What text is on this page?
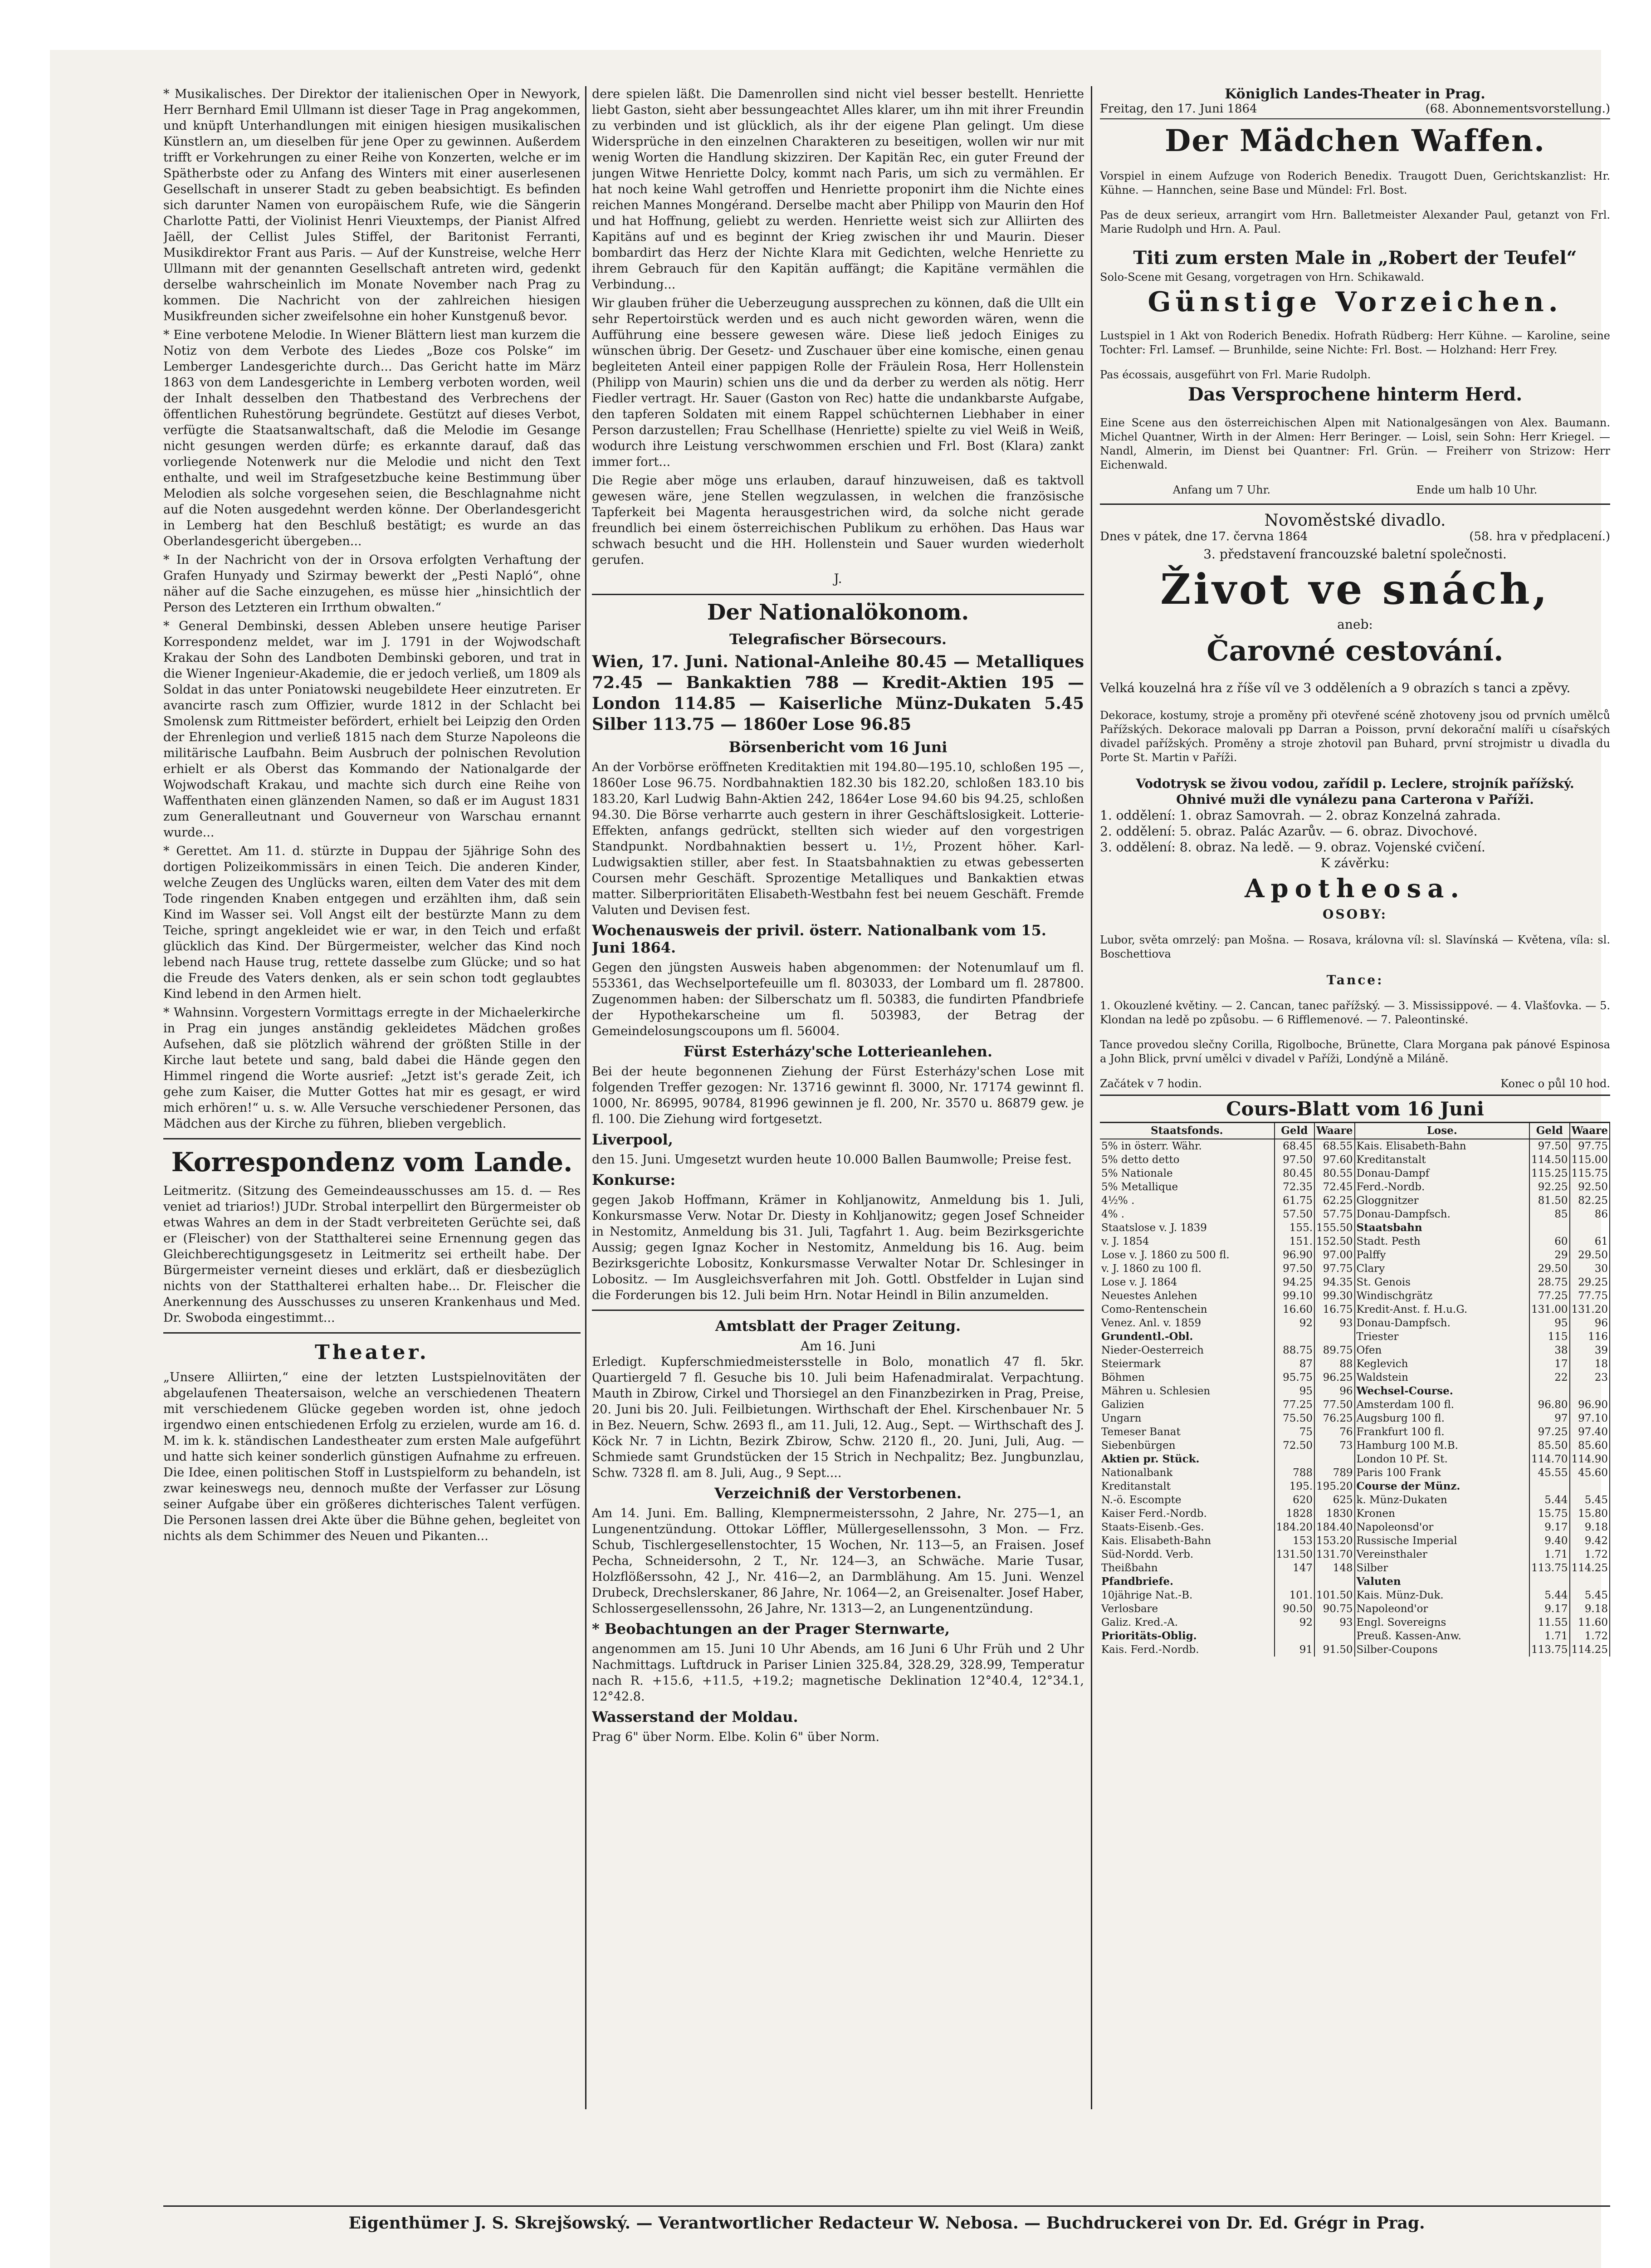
* Musikalisches. Der Direktor der italienischen Oper in Newyork, Herr Bernhard Emil Ullmann ist dieser Tage in Prag angekommen, und knüpft Unterhandlungen mit einigen hiesigen musikalischen Künstlern an, um dieselben für jene Oper zu gewinnen. Außerdem trifft er Vorkehrungen zu einer Reihe von Konzerten, welche er im Spätherbste oder zu Anfang des Winters mit einer auserlesenen Gesellschaft in unserer Stadt zu geben beabsichtigt. Es befinden sich darunter Namen von europäischem Rufe, wie die Sängerin Charlotte Patti, der Violinist Henri Vieuxtemps, der Pianist Alfred Jaëll, der Cellist Jules Stiffel, der Baritonist Ferranti, Musikdirektor Frant aus Paris. — Auf der Kunstreise, welche Herr Ullmann mit der genannten Gesellschaft antreten wird, gedenkt derselbe wahrscheinlich im Monate November nach Prag zu kommen. Die Nachricht von der zahlreichen hiesigen Musikfreunden sicher zweifelsohne ein hoher Kunstgenuß bevor.

* Eine verbotene Melodie. In Wiener Blättern liest man kurzem die Notiz von dem Verbote des Liedes „Boze cos Polske“ im Lemberger Landesgerichte durch... Das Gericht hatte im März 1863 von dem Landesgerichte in Lemberg verboten worden, weil der Inhalt desselben den Thatbestand des Verbrechens der öffentlichen Ruhestörung begründete. Gestützt auf dieses Verbot, verfügte die Staatsanwaltschaft, daß die Melodie im Gesange nicht gesungen werden dürfe; es erkannte darauf, daß das vorliegende Notenwerk nur die Melodie und nicht den Text enthalte, und weil im Strafgesetzbuche keine Bestimmung über Melodien als solche vorgesehen seien, die Beschlagnahme nicht auf die Noten ausgedehnt werden könne. Der Oberlandesgericht in Lemberg hat den Beschluß bestätigt; es wurde an das Oberlandesgericht übergeben...

* In der Nachricht von der in Orsova erfolgten Verhaftung der Grafen Hunyady und Szirmay bewerkt der „Pesti Napló“, ohne näher auf die Sache einzugehen, es müsse hier „hinsichtlich der Person des Letzteren ein Irrthum obwalten.“

* General Dembinski, dessen Ableben unsere heutige Pariser Korrespondenz meldet, war im J. 1791 in der Wojwodschaft Krakau der Sohn des Landboten Dembinski geboren, und trat in die Wiener Ingenieur-Akademie, die er jedoch verließ, um 1809 als Soldat in das unter Poniatowski neugebildete Heer einzutreten. Er avancirte rasch zum Offizier, wurde 1812 in der Schlacht bei Smolensk zum Rittmeister befördert, erhielt bei Leipzig den Orden der Ehrenlegion und verließ 1815 nach dem Sturze Napoleons die militärische Laufbahn. Beim Ausbruch der polnischen Revolution erhielt er als Oberst das Kommando der Nationalgarde der Wojwodschaft Krakau, und machte sich durch eine Reihe von Waffenthaten einen glänzenden Namen, so daß er im August 1831 zum Generalleutnant und Gouverneur von Warschau ernannt wurde...

* Gerettet. Am 11. d. stürzte in Duppau der 5jährige Sohn des dortigen Polizeikommissärs in einen Teich. Die anderen Kinder, welche Zeugen des Unglücks waren, eilten dem Vater des mit dem Tode ringenden Knaben entgegen und erzählten ihm, daß sein Kind im Wasser sei. Voll Angst eilt der bestürzte Mann zu dem Teiche, springt angekleidet wie er war, in den Teich und erfaßt glücklich das Kind. Der Bürgermeister, welcher das Kind noch lebend nach Hause trug, rettete dasselbe zum Glücke; und so hat die Freude des Vaters denken, als er sein schon todt geglaubtes Kind lebend in den Armen hielt.

* Wahnsinn. Vorgestern Vormittags erregte in der Michaelerkirche in Prag ein junges anständig gekleidetes Mädchen großes Aufsehen, daß sie plötzlich während der größten Stille in der Kirche laut betete und sang, bald dabei die Hände gegen den Himmel ringend die Worte ausrief: „Jetzt ist's gerade Zeit, ich gehe zum Kaiser, die Mutter Gottes hat mir es gesagt, er wird mich erhören!“ u. s. w. Alle Versuche verschiedener Personen, das Mädchen aus der Kirche zu führen, blieben vergeblich.

Korrespondenz vom Lande.

Leitmeritz. (Sitzung des Gemeindeausschusses am 15. d. — Res veniet ad triarios!) JUDr. Strobal interpellirt den Bürgermeister ob etwas Wahres an dem in der Stadt verbreiteten Gerüchte sei, daß er (Fleischer) von der Statthalterei seine Ernennung gegen das Gleichberechtigungsgesetz in Leitmeritz sei ertheilt habe. Der Bürgermeister verneint dieses und erklärt, daß er diesbezüglich nichts von der Statthalterei erhalten habe... Dr. Fleischer die Anerkennung des Ausschusses zu unseren Krankenhaus und Med. Dr. Swoboda eingestimmt...

Theater.

„Unsere Alliirten,“ eine der letzten Lustspielnovitäten der abgelaufenen Theatersaison, welche an verschiedenen Theatern mit verschiedenem Glücke gegeben worden ist, ohne jedoch irgendwo einen entschiedenen Erfolg zu erzielen, wurde am 16. d. M. im k. k. ständischen Landestheater zum ersten Male aufgeführt und hatte sich keiner sonderlich günstigen Aufnahme zu erfreuen. Die Idee, einen politischen Stoff in Lustspielform zu behandeln, ist zwar keineswegs neu, dennoch mußte der Verfasser zur Lösung seiner Aufgabe über ein größeres dichterisches Talent verfügen. Die Personen lassen drei Akte über die Bühne gehen, begleitet von nichts als dem Schimmer des Neuen und Pikanten...

dere spielen läßt. Die Damenrollen sind nicht viel besser bestellt. Henriette liebt Gaston, sieht aber bessungeachtet Alles klarer, um ihn mit ihrer Freundin zu verbinden und ist glücklich, als ihr der eigene Plan gelingt. Um diese Widersprüche in den einzelnen Charakteren zu beseitigen, wollen wir nur mit wenig Worten die Handlung skizziren. Der Kapitän Rec, ein guter Freund der jungen Witwe Henriette Dolcy, kommt nach Paris, um sich zu vermählen. Er hat noch keine Wahl getroffen und Henriette proponirt ihm die Nichte eines reichen Mannes Mongérand. Derselbe macht aber Philipp von Maurin den Hof und hat Hoffnung, geliebt zu werden. Henriette weist sich zur Alliirten des Kapitäns auf und es beginnt der Krieg zwischen ihr und Maurin. Dieser bombardirt das Herz der Nichte Klara mit Gedichten, welche Henriette zu ihrem Gebrauch für den Kapitän auffängt; die Kapitäne vermählen die Verbindung...

Wir glauben früher die Ueberzeugung aussprechen zu können, daß die Ullt ein sehr Repertoirstück werden und es auch nicht geworden wären, wenn die Aufführung eine bessere gewesen wäre. Diese ließ jedoch Einiges zu wünschen übrig. Der Gesetz- und Zuschauer über eine komische, einen genau begleiteten Anteil einer pappigen Rolle der Fräulein Rosa, Herr Hollenstein (Philipp von Maurin) schien uns die und da derber zu werden als nötig. Herr Fiedler vertragt. Hr. Sauer (Gaston von Rec) hatte die undankbarste Aufgabe, den tapferen Soldaten mit einem Rappel schüchternen Liebhaber in einer Person darzustellen; Frau Schellhase (Henriette) spielte zu viel Weiß in Weiß, wodurch ihre Leistung verschwommen erschien und Frl. Bost (Klara) zankt immer fort...

Die Regie aber möge uns erlauben, darauf hinzuweisen, daß es taktvoll gewesen wäre, jene Stellen wegzulassen, in welchen die französische Tapferkeit bei Magenta herausgestrichen wird, da solche nicht gerade freundlich bei einem österreichischen Publikum zu erhöhen. Das Haus war schwach besucht und die HH. Hollenstein und Sauer wurden wiederholt gerufen.

J.
Der Nationalökonom.
Telegrafischer Börsecours.

Wien, 17. Juni. National-Anleihe 80.45 — Metalliques 72.45 — Bankaktien 788 — Kredit-Aktien 195 — London 114.85 — Kaiserliche Münz-Dukaten 5.45 Silber 113.75 — 1860er Lose 96.85

Börsenbericht vom 16 Juni

An der Vorbörse eröffneten Kreditaktien mit 194.80—195.10, schloßen 195 —, 1860er Lose 96.75. Nordbahnaktien 182.30 bis 182.20, schloßen 183.10 bis 183.20, Karl Ludwig Bahn-Aktien 242, 1864er Lose 94.60 bis 94.25, schloßen 94.30. Die Börse verharrte auch gestern in ihrer Geschäftslosigkeit. Lotterie-Effekten, anfangs gedrückt, stellten sich wieder auf den vorgestrigen Standpunkt. Nordbahnaktien bessert u. 1½, Prozent höher. Karl-Ludwigsaktien stiller, aber fest. In Staatsbahnaktien zu etwas gebesserten Coursen mehr Geschäft. Sprozentige Metalliques und Bankaktien etwas matter. Silberprioritäten Elisabeth-Westbahn fest bei neuem Geschäft. Fremde Valuten und Devisen fest.

Wochenausweis der privil. österr. Nationalbank vom 15. Juni 1864.

Gegen den jüngsten Ausweis haben abgenommen: der Notenumlauf um fl. 553361, das Wechselportefeuille um fl. 803033, der Lombard um fl. 287800. Zugenommen haben: der Silberschatz um fl. 50383, die fundirten Pfandbriefe der Hypothekarscheine um fl. 503983, der Betrag der Gemeindelosungscoupons um fl. 56004.

Fürst Esterházy'sche Lotterieanlehen.

Bei der heute begonnenen Ziehung der Fürst Esterházy'schen Lose mit folgenden Treffer gezogen: Nr. 13716 gewinnt fl. 3000, Nr. 17174 gewinnt fl. 1000, Nr. 86995, 90784, 81996 gewinnen je fl. 200, Nr. 3570 u. 86879 gew. je fl. 100. Die Ziehung wird fortgesetzt.

Liverpool,

den 15. Juni. Umgesetzt wurden heute 10.000 Ballen Baumwolle; Preise fest.

Konkurse:

gegen Jakob Hoffmann, Krämer in Kohljanowitz, Anmeldung bis 1. Juli, Konkursmasse Verw. Notar Dr. Diesty in Kohljanowitz; gegen Josef Schneider in Nestomitz, Anmeldung bis 31. Juli, Tagfahrt 1. Aug. beim Bezirksgerichte Aussig; gegen Ignaz Kocher in Nestomitz, Anmeldung bis 16. Aug. beim Bezirksgerichte Lobositz, Konkursmasse Verwalter Notar Dr. Schlesinger in Lobositz. — Im Ausgleichsverfahren mit Joh. Gottl. Obstfelder in Lujan sind die Forderungen bis 12. Juli beim Hrn. Notar Heindl in Bilin anzumelden.

Amtsblatt der Prager Zeitung.
Am 16. Juni

Erledigt. Kupferschmiedmeistersstelle in Bolo, monatlich 47 fl. 5kr. Quartiergeld 7 fl. Gesuche bis 10. Juli beim Hafenadmiralat. Verpachtung. Mauth in Zbirow, Cirkel und Thorsiegel an den Finanzbezirken in Prag, Preise, 20. Juni bis 20. Juli. Feilbietungen. Wirthschaft der Ehel. Kirschenbauer Nr. 5 in Bez. Neuern, Schw. 2693 fl., am 11. Juli, 12. Aug., Sept. — Wirthschaft des J. Köck Nr. 7 in Lichtn, Bezirk Zbirow, Schw. 2120 fl., 20. Juni, Juli, Aug. — Schmiede samt Grundstücken der 15 Strich in Nechpalitz; Bez. Jungbunzlau, Schw. 7328 fl. am 8. Juli, Aug., 9 Sept....

Verzeichniß der Verstorbenen.

Am 14. Juni. Em. Balling, Klempnermeisterssohn, 2 Jahre, Nr. 275—1, an Lungenentzündung. Ottokar Löffler, Müllergesellenssohn, 3 Mon. — Frz. Schub, Tischlergesellenstochter, 15 Wochen, Nr. 113—5, an Fraisen. Josef Pecha, Schneidersohn, 2 T., Nr. 124—3, an Schwäche. Marie Tusar, Holzflößerssohn, 42 J., Nr. 416—2, an Darmblähung. Am 15. Juni. Wenzel Drubeck, Drechslerskaner, 86 Jahre, Nr. 1064—2, an Greisenalter. Josef Haber, Schlossergesellenssohn, 26 Jahre, Nr. 1313—2, an Lungenentzündung.

* Beobachtungen an der Prager Sternwarte,

angenommen am 15. Juni 10 Uhr Abends, am 16 Juni 6 Uhr Früh und 2 Uhr Nachmittags. Luftdruck in Pariser Linien 325.84, 328.29, 328.99, Temperatur nach R. +15.6, +11.5, +19.2; magnetische Deklination 12°40.4, 12°34.1, 12°42.8.

Wasserstand der Moldau.

Prag 6" über Norm. Elbe. Kolin 6" über Norm.

Königlich Landes-Theater in Prag.
Freitag, den 17. Juni 1864	(68. Abonnementsvorstellung.)
Der Mädchen Waffen.

Vorspiel in einem Aufzuge von Roderich Benedix. Traugott Duen, Gerichtskanzlist: Hr. Kühne. — Hannchen, seine Base und Mündel: Frl. Bost.

Pas de deux serieux, arrangirt vom Hrn. Balletmeister Alexander Paul, getanzt von Frl. Marie Rudolph und Hrn. A. Paul.

Titi zum ersten Male in „Robert der Teufel“
Solo-Scene mit Gesang, vorgetragen von Hrn. Schikawald.
Günstige Vorzeichen.

Lustspiel in 1 Akt von Roderich Benedix. Hofrath Rüdberg: Herr Kühne. — Karoline, seine Tochter: Frl. Lamsef. — Brunhilde, seine Nichte: Frl. Bost. — Holzhand: Herr Frey.

Pas écossais, ausgeführt von Frl. Marie Rudolph.
Das Versprochene hinterm Herd.

Eine Scene aus den österreichischen Alpen mit Nationalgesängen von Alex. Baumann. Michel Quantner, Wirth in der Almen: Herr Beringer. — Loisl, sein Sohn: Herr Kriegel. — Nandl, Almerin, im Dienst bei Quantner: Frl. Grün. — Freiherr von Strizow: Herr Eichenwald.

Anfang um 7 Uhr.	Ende um halb 10 Uhr.
Novoměstské divadlo.
Dnes v pátek, dne 17. června 1864	(58. hra v předplacení.)
3. představení francouzské baletní společnosti.
Život ve snách,
aneb:
Čarovné cestování.

Velká kouzelná hra z říše víl ve 3 odděleních a 9 obrazích s tanci a zpěvy.

Dekorace, kostumy, stroje a proměny při otevřené scéně zhotoveny jsou od prvních umělců Pařížských. Dekorace malovali pp Darran a Poisson, první dekorační malíři u císařských divadel pařížských. Proměny a stroje zhotovil pan Buhard, první strojmistr u divadla du Porte St. Martin v Paříži.

Vodotrysk se živou vodou, zařídil p. Leclere, strojník pařížský.
Ohnivé muži dle vynálezu pana Carterona v Paříži.
1. oddělení: 1. obraz Samovrah. — 2. obraz Konzelná zahrada.
2. oddělení: 5. obraz. Palác Azarův. — 6. obraz. Divochové.
3. oddělení: 8. obraz. Na ledě. — 9. obraz. Vojenské cvičení.
K závěrku:
Apotheosa.
OSOBY:

Lubor, světa omrzelý: pan Mošna. — Rosava, královna víl: sl. Slavínská — Květena, víla: sl. Boschettiova

Tance:

1. Okouzlené květiny. — 2. Cancan, tanec pařížský. — 3. Mississippové. — 4. Vlašťovka. — 5. Klondan na ledě po způsobu. — 6 Rifflemenové. — 7. Paleontinské.

Tance provedou slečny Corilla, Rigolboche, Brünette, Clara Morgana pak pánové Espinosa a John Blick, první umělci v divadel v Paříži, Londýně a Miláně.

Začátek v 7 hodin.	Konec o půl 10 hod.
Cours-Blatt vom 16 Juni
Staatsfonds.	Geld	Waare
5% in österr. Währ.	68.45	68.55
5% detto detto	97.50	97.60
5% Nationale	80.45	80.55
5% Metallique	72.35	72.45
4½% .	61.75	62.25
4% .	57.50	57.75
Staatslose v. J. 1839	155.	155.50
v. J. 1854	151.	152.50
Lose v. J. 1860 zu 500 fl.	96.90	97.00
v. J. 1860 zu 100 fl.	97.50	97.75
Lose v. J. 1864	94.25	94.35
Neuestes Anlehen	99.10	99.30
Como-Rentenschein	16.60	16.75
Venez. Anl. v. 1859	92	93
Grundentl.-Obl.		
Nieder-Oesterreich	88.75	89.75
Steiermark	87	88
Böhmen	95.75	96.25
Mähren u. Schlesien	95	96
Galizien	77.25	77.50
Ungarn	75.50	76.25
Temeser Banat	75	76
Siebenbürgen	72.50	73
Aktien pr. Stück.		
Nationalbank	788	789
Kreditanstalt	195.	195.20
N.-ö. Escompte	620	625
Kaiser Ferd.-Nordb.	1828	1830
Staats-Eisenb.-Ges.	184.20	184.40
Kais. Elisabeth-Bahn	153	153.20
Süd-Nordd. Verb.	131.50	131.70
Theißbahn	147	148
Pfandbriefe.		
10jährige Nat.-B.	101.	101.50
Verlosbare	90.50	90.75
Galiz. Kred.-A.	92	93
Prioritäts-Oblig.		
Kais. Ferd.-Nordb.	91	91.50
Lose.	Geld	Waare
Kais. Elisabeth-Bahn	97.50	97.75
Kreditanstalt	114.50	115.00
Donau-Dampf	115.25	115.75
Ferd.-Nordb.	92.25	92.50
Gloggnitzer	81.50	82.25
Donau-Dampfsch.	85	86
Staatsbahn		
Stadt. Pesth	60	61
Palffy	29	29.50
Clary	29.50	30
St. Genois	28.75	29.25
Windischgrätz	77.25	77.75
Kredit-Anst. f. H.u.G.	131.00	131.20
Donau-Dampfsch.	95	96
Triester	115	116
Ofen	38	39
Keglevich	17	18
Waldstein	22	23
Wechsel-Course.		
Amsterdam 100 fl.	96.80	96.90
Augsburg 100 fl.	97	97.10
Frankfurt 100 fl.	97.25	97.40
Hamburg 100 M.B.	85.50	85.60
London 10 Pf. St.	114.70	114.90
Paris 100 Frank	45.55	45.60
Course der Münz.		
k. Münz-Dukaten	5.44	5.45
Kronen	15.75	15.80
Napoleonsd'or	9.17	9.18
Russische Imperial	9.40	9.42
Vereinsthaler	1.71	1.72
Silber	113.75	114.25
Valuten		
Kais. Münz-Duk.	5.44	5.45
Napoleond'or	9.17	9.18
Engl. Sovereigns	11.55	11.60
Preuß. Kassen-Anw.	1.71	1.72
Silber-Coupons	113.75	114.25
Eigenthümer J. S. Skrejšowský. — Verantwortlicher Redacteur W. Nebosa. — Buchdruckerei von Dr. Ed. Grégr in Prag.
